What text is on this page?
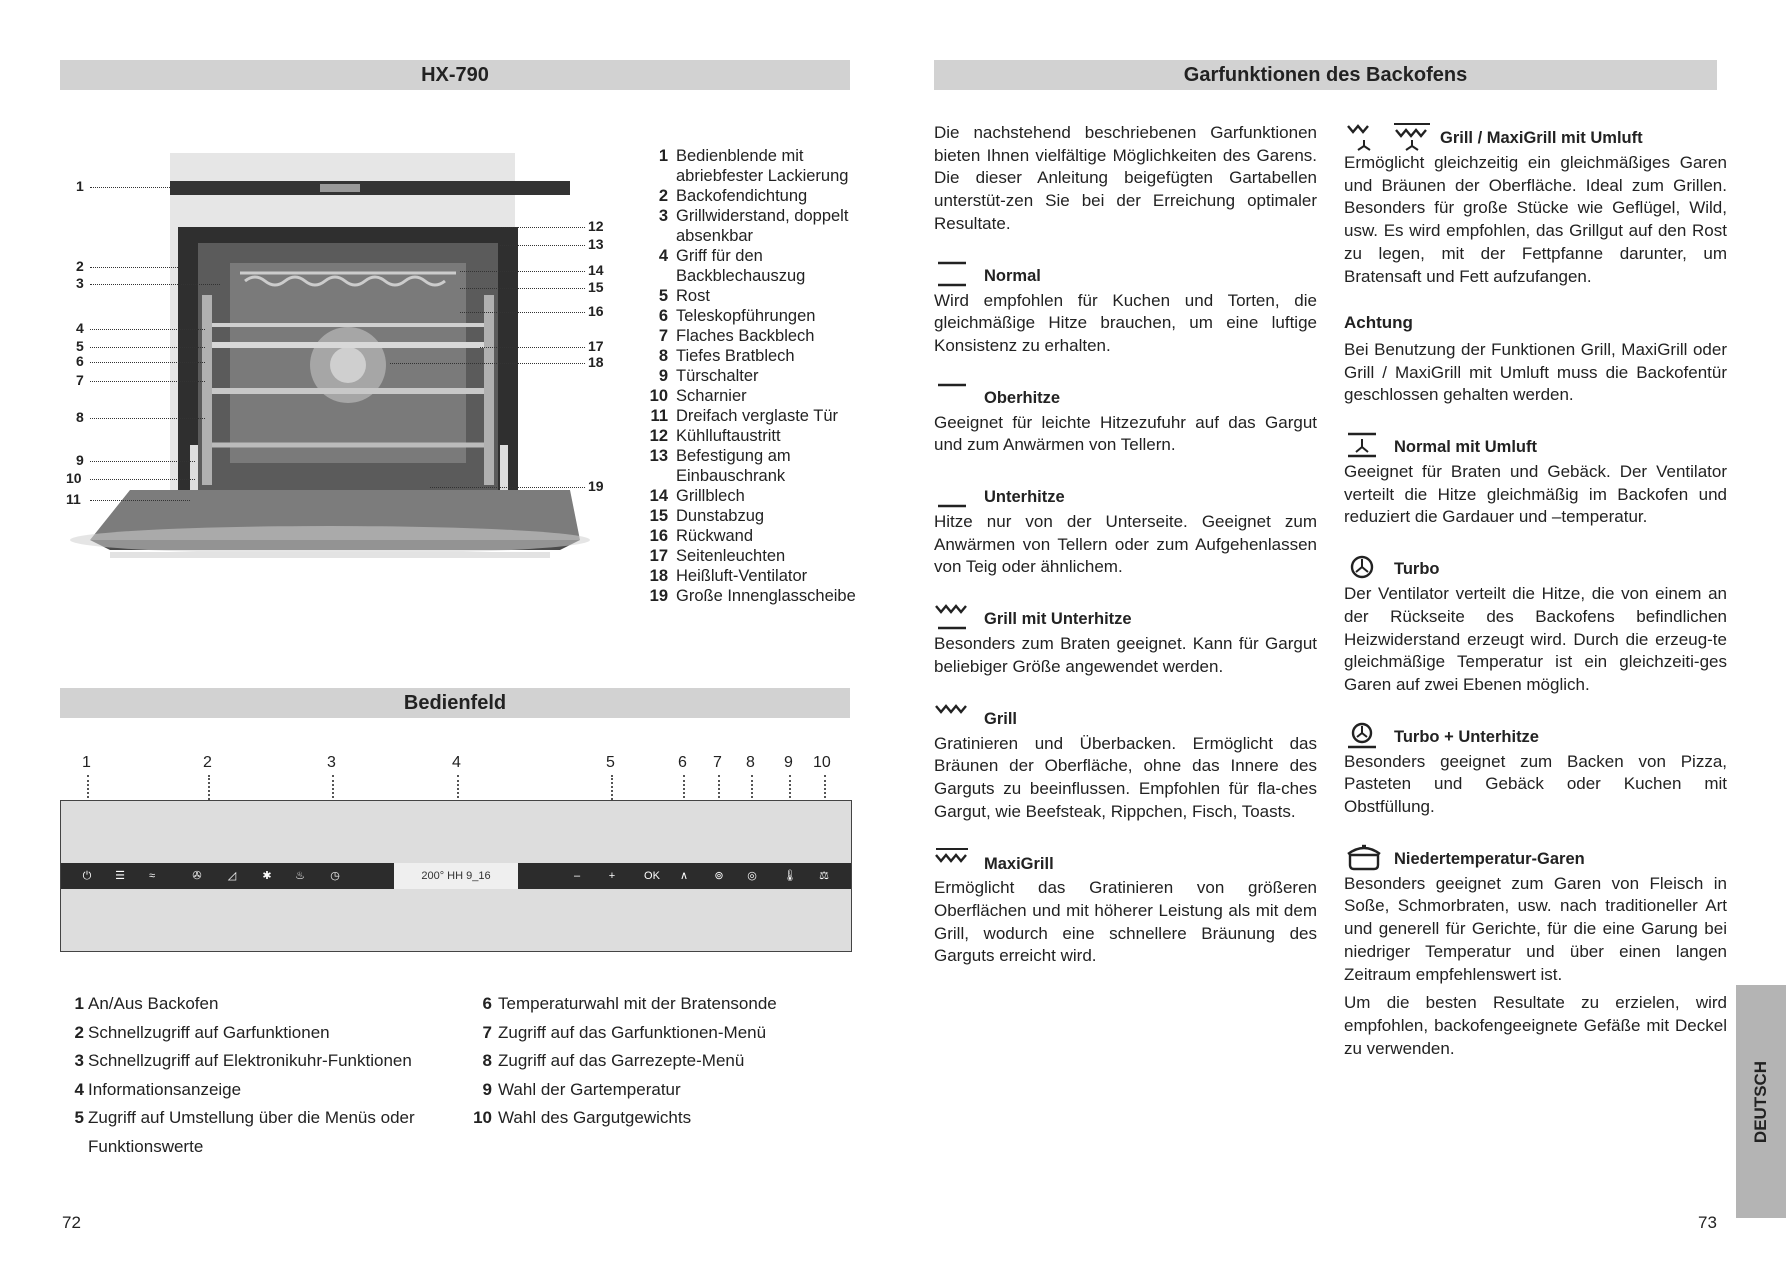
HX-790
1
2
3
4
5
6
7
8
9
10
11
12
13
14
15
16
17
18
19
1 Bedienblende mit abriebfester Lackierung
2 Backofendichtung
3 Grillwiderstand, doppelt absenkbar
4 Griff für den Backblechauszug
5 Rost
6 Teleskopführungen
7 Flaches Backblech
8 Tiefes Bratblech
9 Türschalter
10 Scharnier
11 Dreifach verglaste Tür
12 Kühlluftaustritt
13 Befestigung am Einbauschrank
14 Grillblech
15 Dunstabzug
16 Rückwand
17 Seitenleuchten
18 Heißluft-Ventilator
19 Große Innenglasscheibe
Bedienfeld
1	2	3	4	5	6 7 8 9 10
⏻	☰	≈	✇	◿	✱	♨	◷	200° HH 9_16	–	+	OK	∧	⊚	◎	🌡︎	⚖︎
1 An/Aus Backofen
2 Schnellzugriff auf Garfunktionen
3 Schnellzugriff auf Elektronikuhr-Funktionen
4 Informationsanzeige
5 Zugriff auf Umstellung über die Menüs oder Funktionswerte
6 Temperaturwahl mit der Bratensonde
7 Zugriff auf das Garfunktionen-Menü
8 Zugriff auf das Garrezepte-Menü
9 Wahl der Gartemperatur
10 Wahl des Gargutgewichts
72
Garfunktionen des Backofens

Die nachstehend beschriebenen Garfunktionen bieten Ihnen vielfältige Möglichkeiten des Garens. Die dieser Anleitung beigefügten Gartabellen unterstüt-zen Sie bei der Erreichung optimaler Resultate.

Normal

Wird empfohlen für Kuchen und Torten, die gleichmäßige Hitze brauchen, um eine luftige Konsistenz zu erhalten.

Oberhitze

Geeignet für leichte Hitzezufuhr auf das Gargut und zum Anwärmen von Tellern.

Unterhitze

Hitze nur von der Unterseite. Geeignet zum Anwärmen von Tellern oder zum Aufgehenlassen von Teig oder ähnlichem.

Grill mit Unterhitze

Besonders zum Braten geeignet. Kann für Gargut beliebiger Größe angewendet werden.

Grill

Gratinieren und Überbacken. Ermöglicht das Bräunen der Oberfläche, ohne das Innere des Garguts zu beeinflussen. Empfohlen für fla-ches Gargut, wie Beefsteak, Rippchen, Fisch, Toasts.

MaxiGrill

Ermöglicht das Gratinieren von größeren Oberflächen und mit höherer Leistung als mit dem Grill, wodurch eine schnellere Bräunung des Garguts erreicht wird.

Grill / MaxiGrill mit Umluft

Ermöglicht gleichzeitig ein gleichmäßiges Garen und Bräunen der Oberfläche. Ideal zum Grillen. Besonders für große Stücke wie Geflügel, Wild, usw. Es wird empfohlen, das Grillgut auf den Rost zu legen, mit der Fettpfanne darunter, um Bratensaft und Fett aufzufangen.

Achtung

Bei Benutzung der Funktionen Grill, MaxiGrill oder Grill / MaxiGrill mit Umluft muss die Backofentür geschlossen gehalten werden.

Normal mit Umluft

Geeignet für Braten und Gebäck. Der Ventilator verteilt die Hitze gleichmäßig im Backofen und reduziert die Gardauer und –temperatur.

Turbo

Der Ventilator verteilt die Hitze, die von einem an der Rückseite des Backofens befindlichen Heizwiderstand erzeugt wird. Durch die erzeug-te gleichmäßige Temperatur ist ein gleichzeiti-ges Garen auf zwei Ebenen möglich.

Turbo + Unterhitze

Besonders geeignet zum Backen von Pizza, Pasteten und Gebäck oder Kuchen mit Obstfüllung.

Niedertemperatur-Garen

Besonders geeignet zum Garen von Fleisch in Soße, Schmorbraten, usw. nach traditioneller Art und generell für Gerichte, für die eine Garung bei niedriger Temperatur und über einen langen Zeitraum empfehlenswert ist.

Um die besten Resultate zu erzielen, wird empfohlen, backofengeeignete Gefäße mit Deckel zu verwenden.

73
DEUTSCH
